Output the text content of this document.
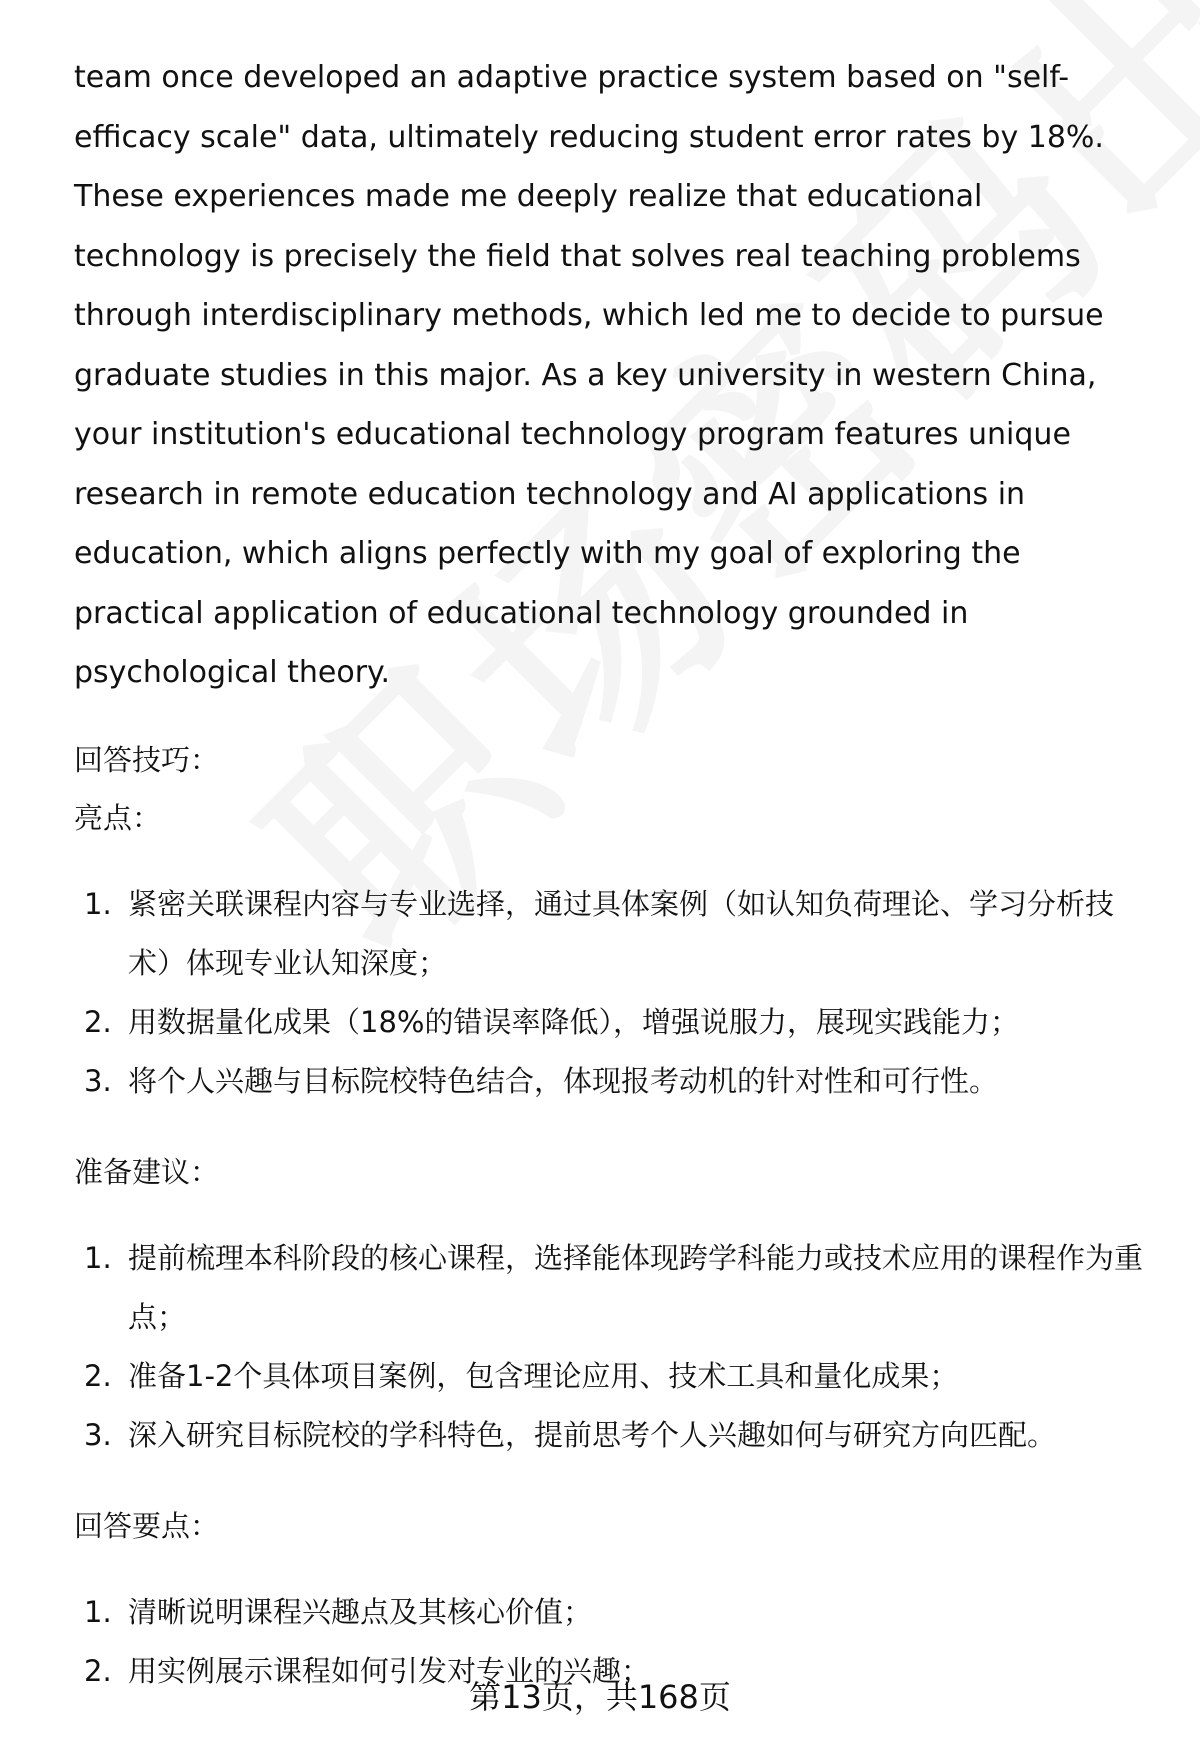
team once developed an adaptive practice system based on "self-efficacy scale" data, ultimately reducing student error rates by 18%. These experiences made me deeply realize that educational technology is precisely the field that solves real teaching problems through interdisciplinary methods, which led me to decide to pursue graduate studies in this major. As a key university in western China, your institution's educational technology program features unique research in remote education technology and AI applications in education, which aligns perfectly with my goal of exploring the practical application of educational technology grounded in psychological theory.

回答技巧：

亮点：

1. 紧密关联课程内容与专业选择，通过具体案例（如认知负荷理论、学习分析技术）体现专业认知深度；
2. 用数据量化成果（18%的错误率降低），增强说服力，展现实践能力；
3. 将个人兴趣与目标院校特色结合，体现报考动机的针对性和可行性。

准备建议：

1. 提前梳理本科阶段的核心课程，选择能体现跨学科能力或技术应用的课程作为重点；
2. 准备1-2个具体项目案例，包含理论应用、技术工具和量化成果；
3. 深入研究目标院校的学科特色，提前思考个人兴趣如何与研究方向匹配。

回答要点：

1. 清晰说明课程兴趣点及其核心价值；
2. 用实例展示课程如何引发对专业的兴趣；
第13页，共168页
